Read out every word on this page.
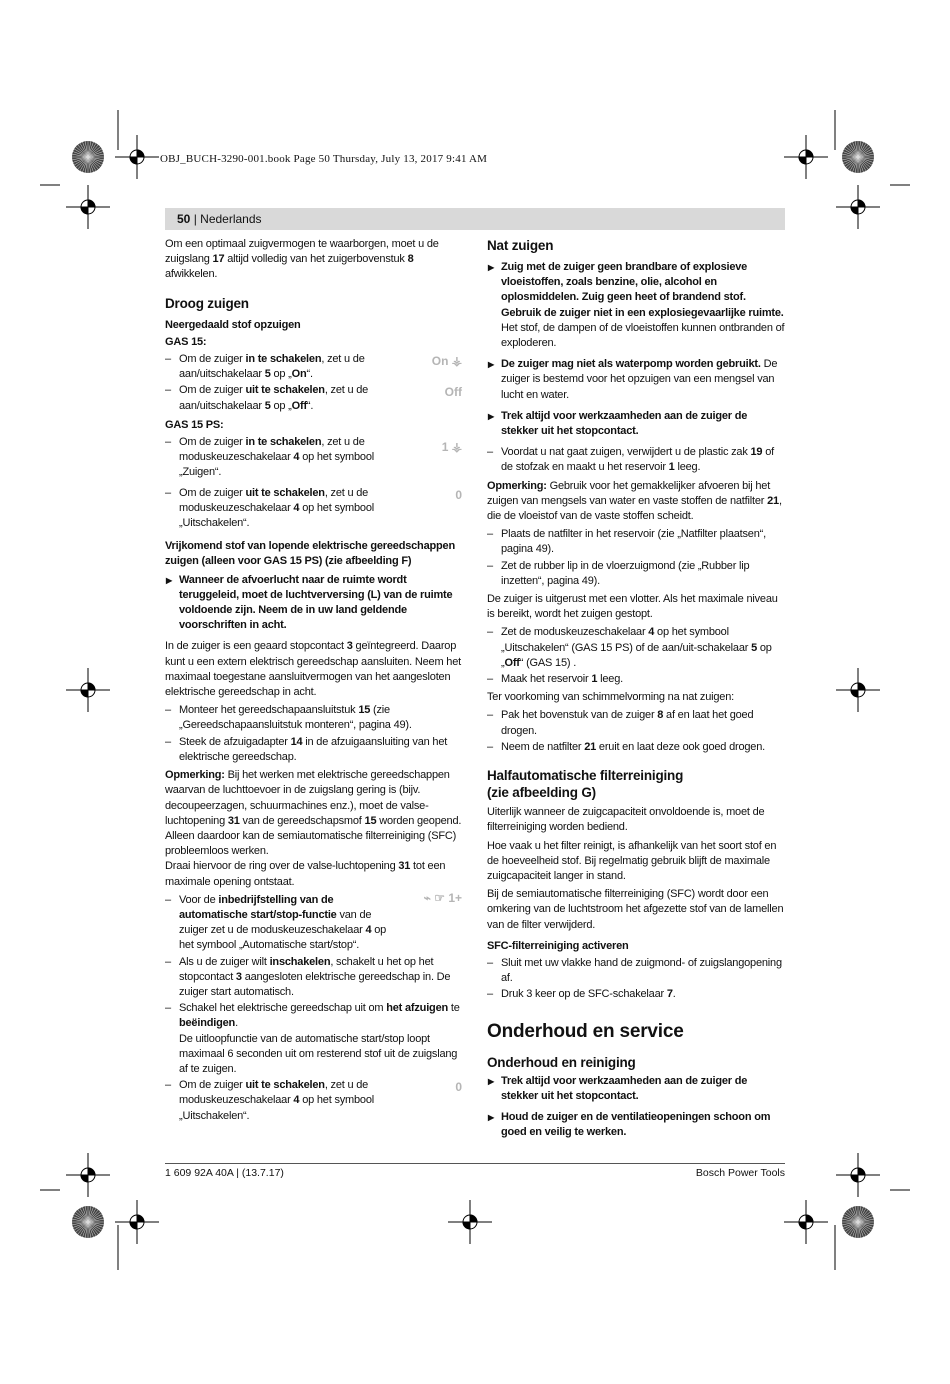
OBJ_BUCH-3290-001.book Page 50 Thursday, July 13, 2017 9:41 AM
50 | Nederlands

Om een optimaal zuigvermogen te waarborgen, moet u de zuigslang 17 altijd volledig van het zuigerbovenstuk 8 afwikkelen.

Droog zuigen
Neergedaald stof opzuigen
GAS 15:
– Om de zuiger in te schakelen, zet u de aan/uitschakelaar 5 op „On“.
On ⚶
– Om de zuiger uit te schakelen, zet u de aan/uitschakelaar 5 op „Off“.
Off
GAS 15 PS:
– Om de zuiger in te schakelen, zet u de moduskeuzeschakelaar 4 op het symbool „Zuigen“.
1 ⚶
– Om de zuiger uit te schakelen, zet u de moduskeuzeschakelaar 4 op het symbool „Uitschakelen“.
0
Vrijkomend stof van lopende elektrische gereedschappen zuigen (alleen voor GAS 15 PS) (zie afbeelding F)
▶ Wanneer de afvoerlucht naar de ruimte wordt teruggeleid, moet de luchtverversing (L) van de ruimte voldoende zijn. Neem de in uw land geldende voorschriften in acht.

In de zuiger is een geaard stopcontact 3 geïntegreerd. Daarop kunt u een extern elektrisch gereedschap aansluiten. Neem het maximaal toegestane aansluitvermogen van het aangesloten elektrische gereedschap in acht.

– Monteer het gereedschapaansluitstuk 15 (zie „Gereedschapaansluitstuk monteren“, pagina 49).
– Steek de afzuigadapter 14 in de afzuigaansluiting van het elektrische gereedschap.

Opmerking: Bij het werken met elektrische gereedschappen waarvan de luchttoevoer in de zuigslang gering is (bijv. decoupeerzagen, schuurmachines enz.), moet de valse-luchtopening 31 van de gereedschapsmof 15 worden geopend. Alleen daardoor kan de semiautomatische filterreiniging (SFC) probleemloos werken.

Draai hiervoor de ring over de valse-luchtopening 31 tot een maximale opening ontstaat.

– Voor de inbedrijfstelling van de automatische start/stop-functie van de zuiger zet u de moduskeuzeschakelaar 4 op het symbool „Automatische start/stop“.
⌁ ☞ 1+
– Als u de zuiger wilt inschakelen, schakelt u het op het stopcontact 3 aangesloten elektrische gereedschap in. De zuiger start automatisch.
– Schakel het elektrische gereedschap uit om het afzuigen te beëindigen.
De uitloopfunctie van de automatische start/stop loopt maximaal 6 seconden uit om resterend stof uit de zuigslang af te zuigen.
– Om de zuiger uit te schakelen, zet u de moduskeuzeschakelaar 4 op het symbool „Uitschakelen“.
0
Nat zuigen
▶ Zuig met de zuiger geen brandbare of explosieve vloeistoffen, zoals benzine, olie, alcohol en oplosmiddelen. Zuig geen heet of brandend stof. Gebruik de zuiger niet in een explosiegevaarlijke ruimte. Het stof, de dampen of de vloeistoffen kunnen ontbranden of exploderen.
▶ De zuiger mag niet als waterpomp worden gebruikt. De zuiger is bestemd voor het opzuigen van een mengsel van lucht en water.
▶ Trek altijd voor werkzaamheden aan de zuiger de stekker uit het stopcontact.
– Voordat u nat gaat zuigen, verwijdert u de plastic zak 19 of de stofzak en maakt u het reservoir 1 leeg.

Opmerking: Gebruik voor het gemakkelijker afvoeren bij het zuigen van mengsels van water en vaste stoffen de natfilter 21, die de vloeistof van de vaste stoffen scheidt.

– Plaats de natfilter in het reservoir (zie „Natfilter plaatsen“, pagina 49).
– Zet de rubber lip in de vloerzuigmond (zie „Rubber lip inzetten“, pagina 49).

De zuiger is uitgerust met een vlotter. Als het maximale niveau is bereikt, wordt het zuigen gestopt.

– Zet de moduskeuzeschakelaar 4 op het symbool „Uitschakelen“ (GAS 15 PS) of de aan/uit-schakelaar 5 op „Off“ (GAS 15) .
– Maak het reservoir 1 leeg.

Ter voorkoming van schimmelvorming na nat zuigen:

– Pak het bovenstuk van de zuiger 8 af en laat het goed drogen.
– Neem de natfilter 21 eruit en laat deze ook goed drogen.
Halfautomatische filterreiniging
(zie afbeelding G)

Uiterlijk wanneer de zuigcapaciteit onvoldoende is, moet de filterreiniging worden bediend.

Hoe vaak u het filter reinigt, is afhankelijk van het soort stof en de hoeveelheid stof. Bij regelmatig gebruik blijft de maximale zuigcapaciteit langer in stand.

Bij de semiautomatische filterreiniging (SFC) wordt door een omkering van de luchtstroom het afgezette stof van de lamellen van de filter verwijderd.

SFC-filterreiniging activeren
– Sluit met uw vlakke hand de zuigmond- of zuigslangopening af.
– Druk 3 keer op de SFC-schakelaar 7.
Onderhoud en service
Onderhoud en reiniging
▶ Trek altijd voor werkzaamheden aan de zuiger de stekker uit het stopcontact.
▶ Houd de zuiger en de ventilatieopeningen schoon om goed en veilig te werken.
1 609 92A 40A | (13.7.17)	Bosch Power Tools
